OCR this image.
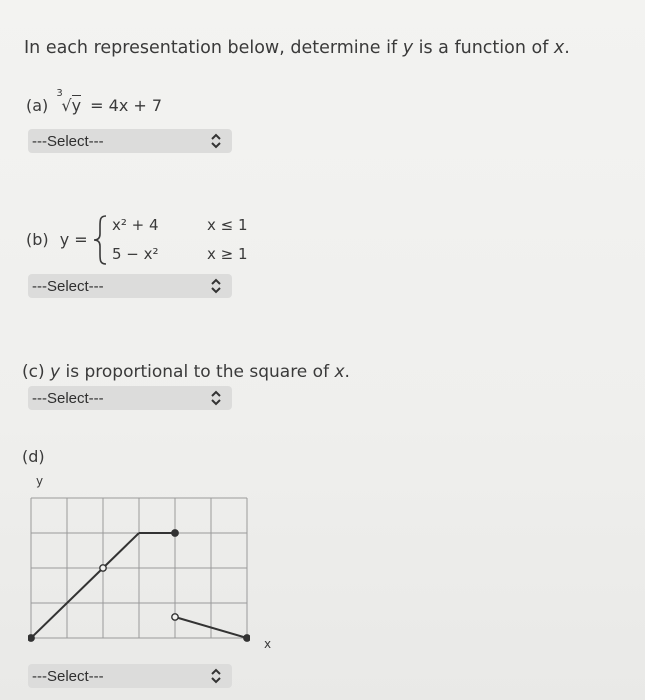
In each representation below, determine if y is a function of x.
(a)
3
√y = 4x + 7
---Select---
(b) y =
x² + 4	x ≤ 1
5 − x²	x ≥ 1
---Select---
(c) y is proportional to the square of x.
---Select---
(d)
y
x
---Select---
